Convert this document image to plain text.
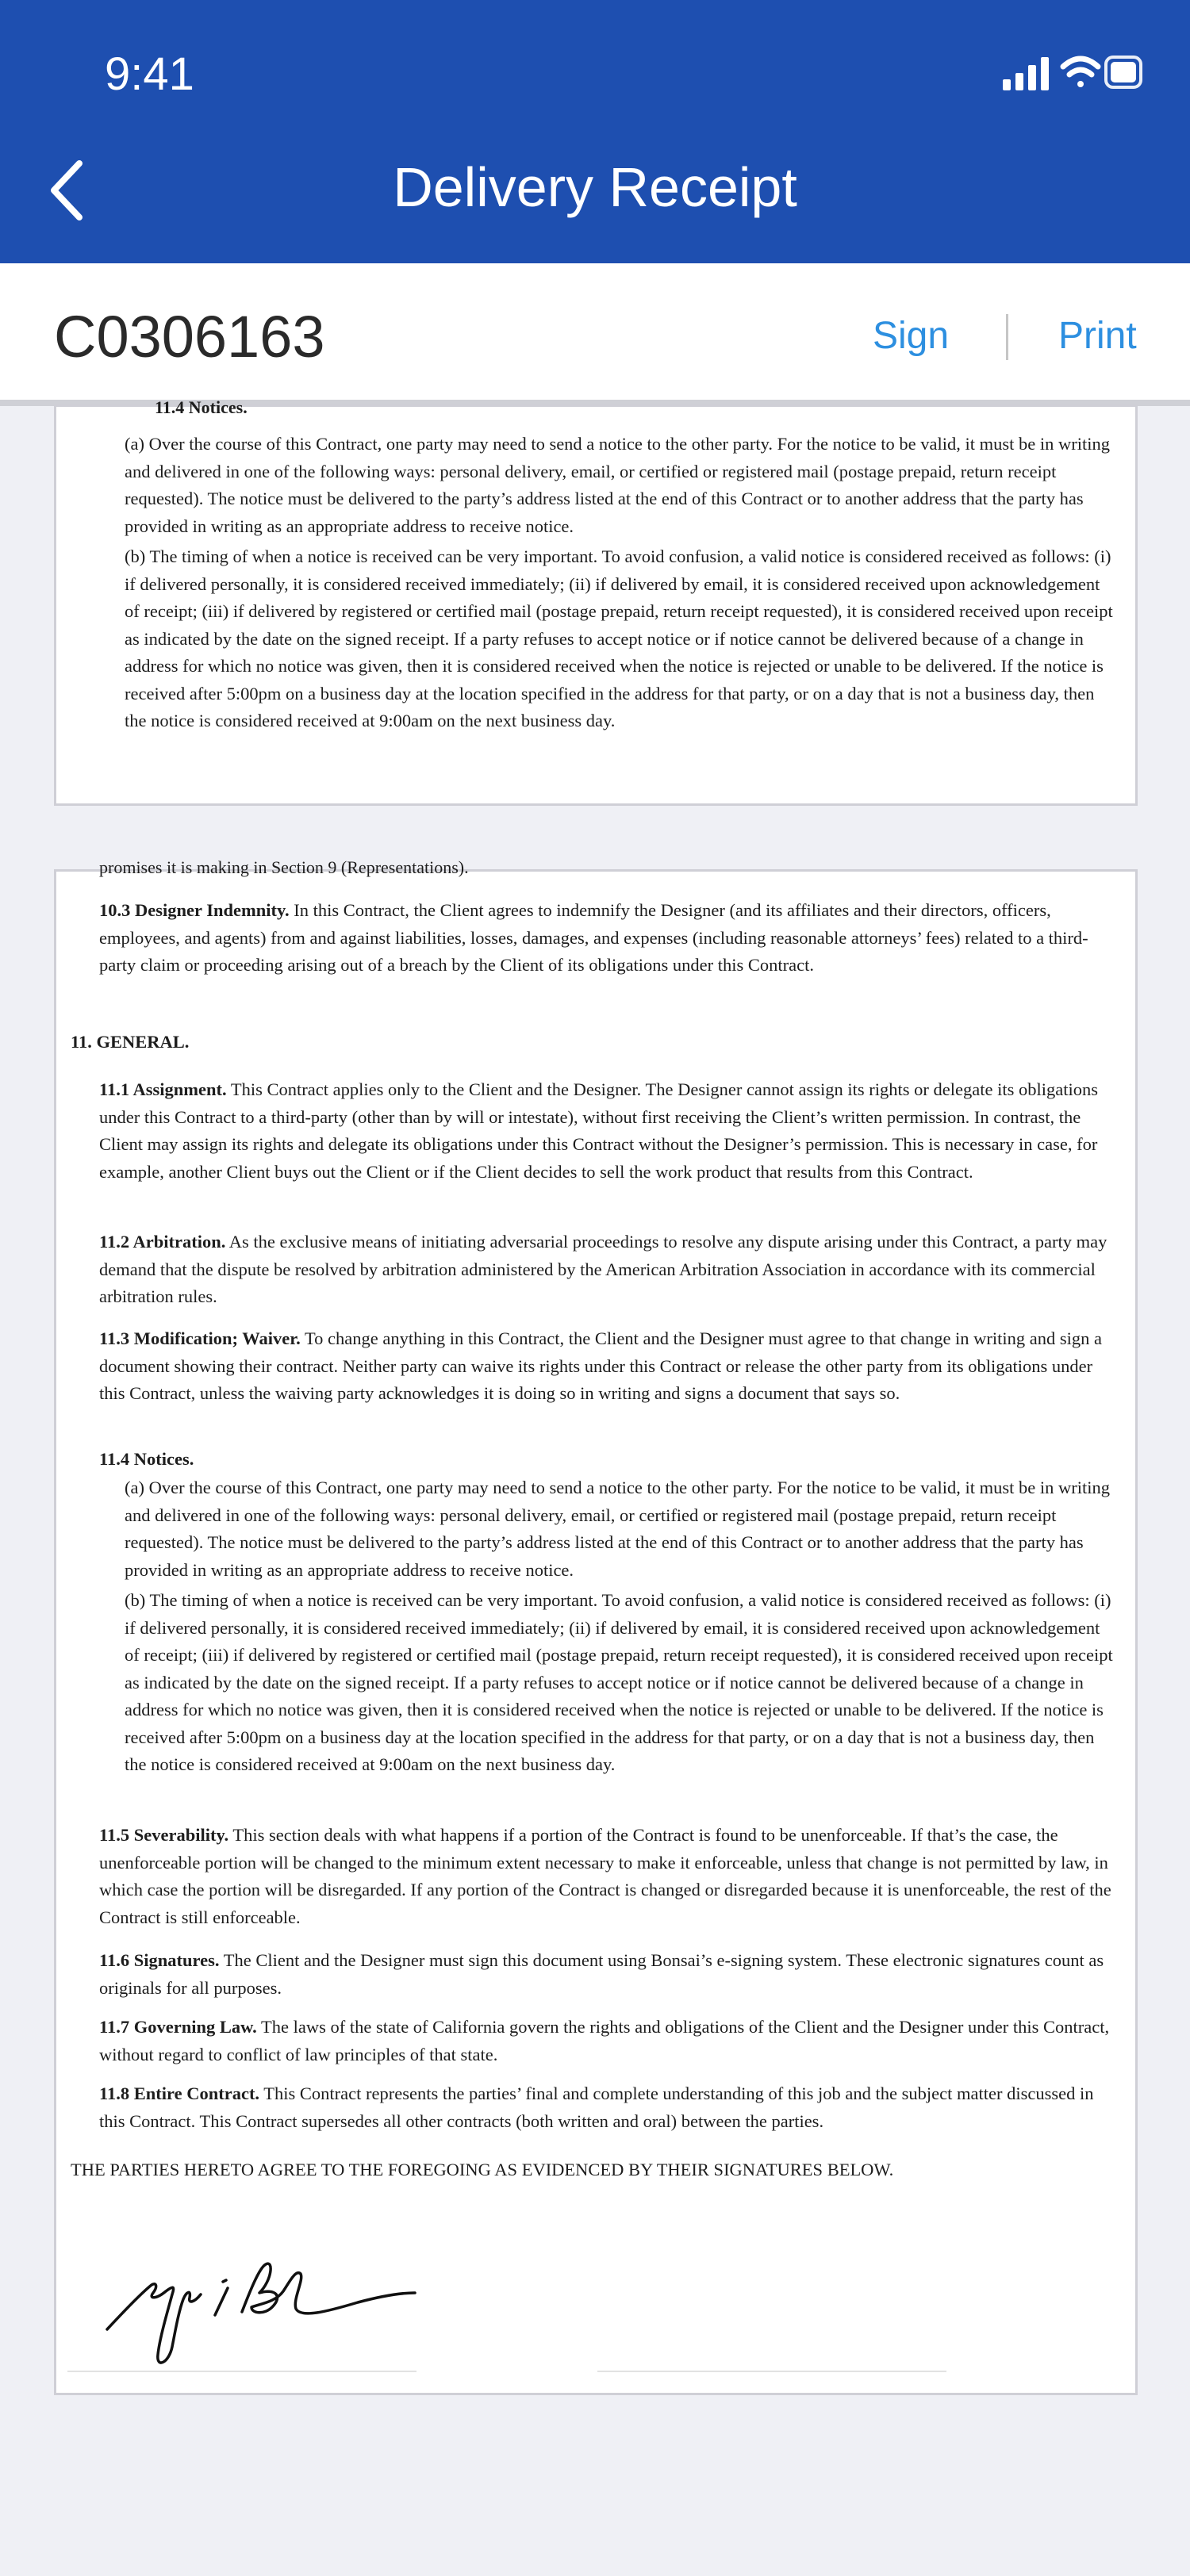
9:41
Delivery Receipt
C0306163	Sign	Print
11.4 Notices.

(a) Over the course of this Contract, one party may need to send a notice to the other party. For the notice to be valid, it must be in writing and delivered in one of the following ways: personal delivery, email, or certified or registered mail (postage prepaid, return receipt requested). The notice must be delivered to the party’s address listed at the end of this Contract or to another address that the party has provided in writing as an appropriate address to receive notice.

(b) The timing of when a notice is received can be very important. To avoid confusion, a valid notice is considered received as follows: (i) if delivered personally, it is considered received immediately; (ii) if delivered by email, it is considered received upon acknowledgement of receipt; (iii) if delivered by registered or certified mail (postage prepaid, return receipt requested), it is considered received upon receipt as indicated by the date on the signed receipt. If a party refuses to accept notice or if notice cannot be delivered because of a change in address for which no notice was given, then it is considered received when the notice is rejected or unable to be delivered. If the notice is received after 5:00pm on a business day at the location specified in the address for that party, or on a day that is not a business day, then the notice is considered received at 9:00am on the next business day.

promises it is making in Section 9 (Representations).

10.3 Designer Indemnity. In this Contract, the Client agrees to indemnify the Designer (and its affiliates and their directors, officers, employees, and agents) from and against liabilities, losses, damages, and expenses (including reasonable attorneys’ fees) related to a third-party claim or proceeding arising out of a breach by the Client of its obligations under this Contract.

11. GENERAL.

11.1 Assignment. This Contract applies only to the Client and the Designer. The Designer cannot assign its rights or delegate its obligations under this Contract to a third-party (other than by will or intestate), without first receiving the Client’s written permission. In contrast, the Client may assign its rights and delegate its obligations under this Contract without the Designer’s permission. This is necessary in case, for example, another Client buys out the Client or if the Client decides to sell the work product that results from this Contract.

11.2 Arbitration. As the exclusive means of initiating adversarial proceedings to resolve any dispute arising under this Contract, a party may demand that the dispute be resolved by arbitration administered by the American Arbitration Association in accordance with its commercial arbitration rules.

11.3 Modification; Waiver. To change anything in this Contract, the Client and the Designer must agree to that change in writing and sign a document showing their contract. Neither party can waive its rights under this Contract or release the other party from its obligations under this Contract, unless the waiving party acknowledges it is doing so in writing and signs a document that says so.

11.4 Notices.

(a) Over the course of this Contract, one party may need to send a notice to the other party. For the notice to be valid, it must be in writing and delivered in one of the following ways: personal delivery, email, or certified or registered mail (postage prepaid, return receipt requested). The notice must be delivered to the party’s address listed at the end of this Contract or to another address that the party has provided in writing as an appropriate address to receive notice.

(b) The timing of when a notice is received can be very important. To avoid confusion, a valid notice is considered received as follows: (i) if delivered personally, it is considered received immediately; (ii) if delivered by email, it is considered received upon acknowledgement of receipt; (iii) if delivered by registered or certified mail (postage prepaid, return receipt requested), it is considered received upon receipt as indicated by the date on the signed receipt. If a party refuses to accept notice or if notice cannot be delivered because of a change in address for which no notice was given, then it is considered received when the notice is rejected or unable to be delivered. If the notice is received after 5:00pm on a business day at the location specified in the address for that party, or on a day that is not a business day, then the notice is considered received at 9:00am on the next business day.

11.5 Severability. This section deals with what happens if a portion of the Contract is found to be unenforceable. If that’s the case, the unenforceable portion will be changed to the minimum extent necessary to make it enforceable, unless that change is not permitted by law, in which case the portion will be disregarded. If any portion of the Contract is changed or disregarded because it is unenforceable, the rest of the Contract is still enforceable.

11.6 Signatures. The Client and the Designer must sign this document using Bonsai’s e-signing system. These electronic signatures count as originals for all purposes.

11.7 Governing Law. The laws of the state of California govern the rights and obligations of the Client and the Designer under this Contract, without regard to conflict of law principles of that state.

11.8 Entire Contract. This Contract represents the parties’ final and complete understanding of this job and the subject matter discussed in this Contract. This Contract supersedes all other contracts (both written and oral) between the parties.

THE PARTIES HERETO AGREE TO THE FOREGOING AS EVIDENCED BY THEIR SIGNATURES BELOW.
